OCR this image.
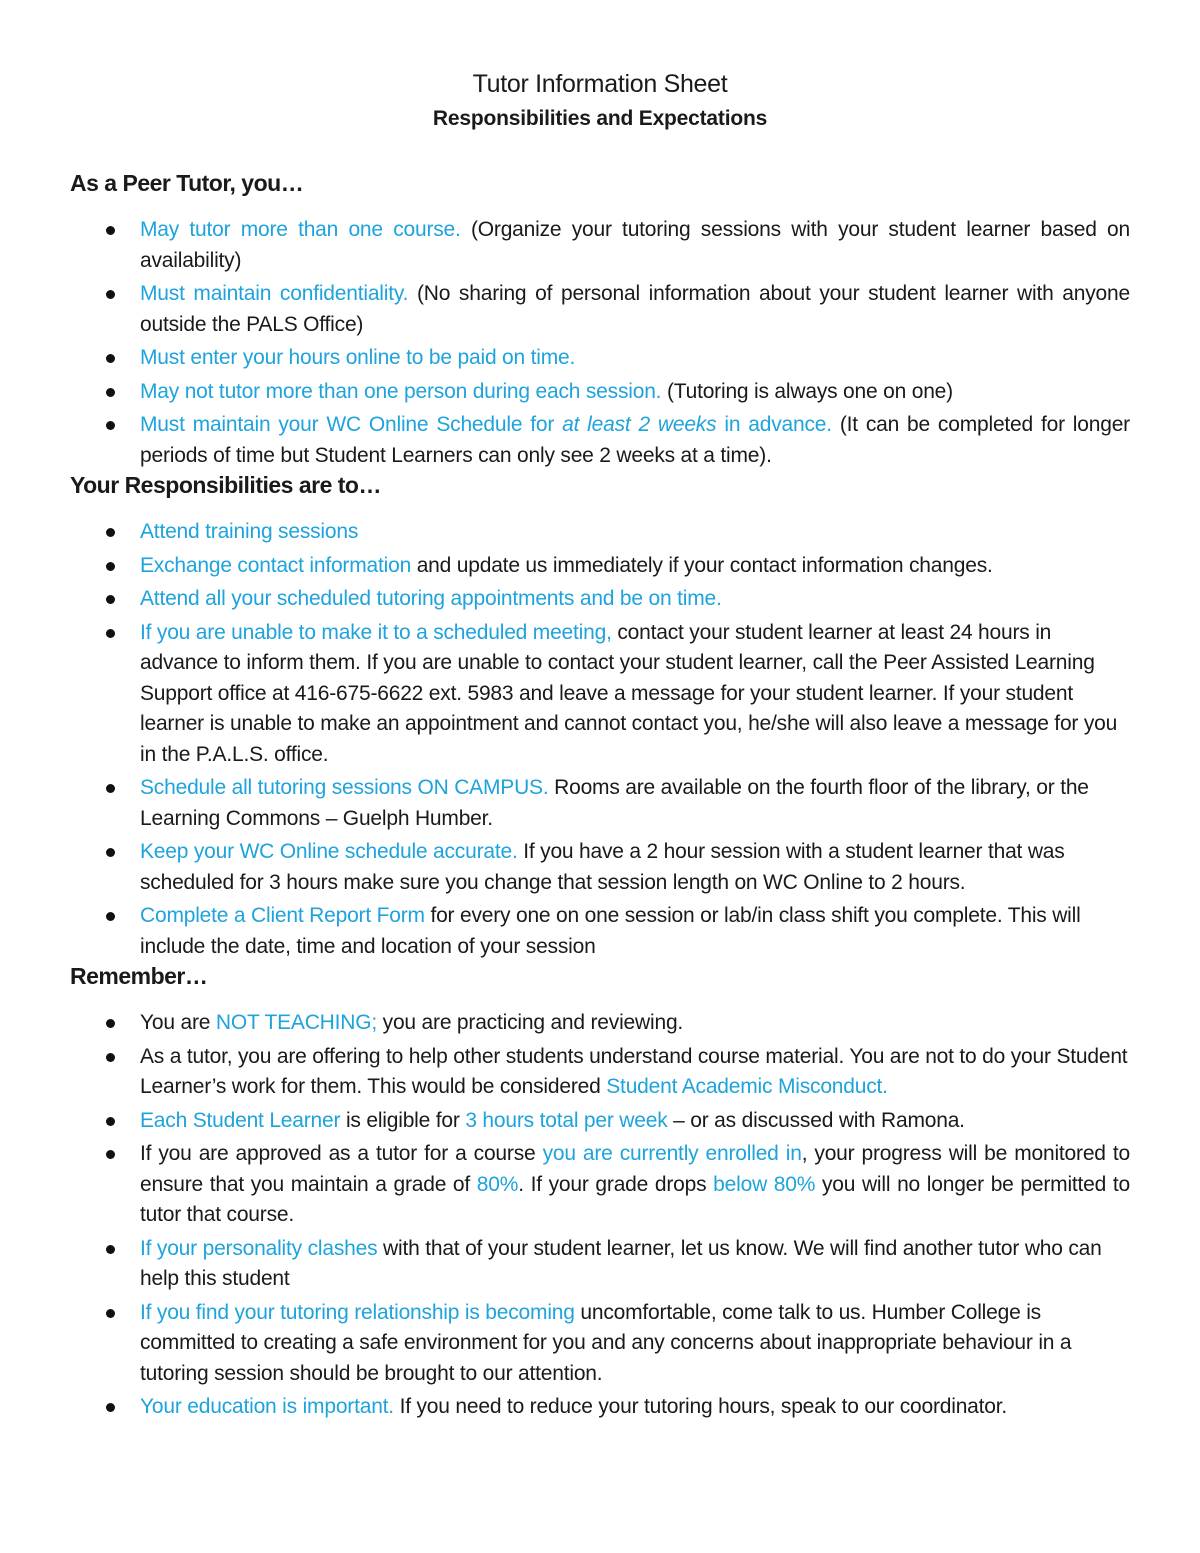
Tutor Information Sheet
Responsibilities and Expectations
As a Peer Tutor, you…
May tutor more than one course. (Organize your tutoring sessions with your student learner based on availability)
Must maintain confidentiality. (No sharing of personal information about your student learner with anyone outside the PALS Office)
Must enter your hours online to be paid on time.
May not tutor more than one person during each session. (Tutoring is always one on one)
Must maintain your WC Online Schedule for at least 2 weeks in advance. (It can be completed for longer periods of time but Student Learners can only see 2 weeks at a time).
Your Responsibilities are to…
Attend training sessions
Exchange contact information and update us immediately if your contact information changes.
Attend all your scheduled tutoring appointments and be on time.
If you are unable to make it to a scheduled meeting, contact your student learner at least 24 hours in advance to inform them. If you are unable to contact your student learner, call the Peer Assisted Learning Support office at 416-675-6622 ext. 5983 and leave a message for your student learner. If your student learner is unable to make an appointment and cannot contact you, he/she will also leave a message for you in the P.A.L.S. office.
Schedule all tutoring sessions ON CAMPUS. Rooms are available on the fourth floor of the library, or the Learning Commons – Guelph Humber.
Keep your WC Online schedule accurate. If you have a 2 hour session with a student learner that was scheduled for 3 hours make sure you change that session length on WC Online to 2 hours.
Complete a Client Report Form for every one on one session or lab/in class shift you complete. This will include the date, time and location of your session
Remember…
You are NOT TEACHING; you are practicing and reviewing.
As a tutor, you are offering to help other students understand course material. You are not to do your Student Learner’s work for them. This would be considered Student Academic Misconduct.
Each Student Learner is eligible for 3 hours total per week – or as discussed with Ramona.
If you are approved as a tutor for a course you are currently enrolled in, your progress will be monitored to ensure that you maintain a grade of 80%. If your grade drops below 80% you will no longer be permitted to tutor that course.
If your personality clashes with that of your student learner, let us know. We will find another tutor who can help this student
If you find your tutoring relationship is becoming uncomfortable, come talk to us. Humber College is committed to creating a safe environment for you and any concerns about inappropriate behaviour in a tutoring session should be brought to our attention.
Your education is important. If you need to reduce your tutoring hours, speak to our coordinator.
